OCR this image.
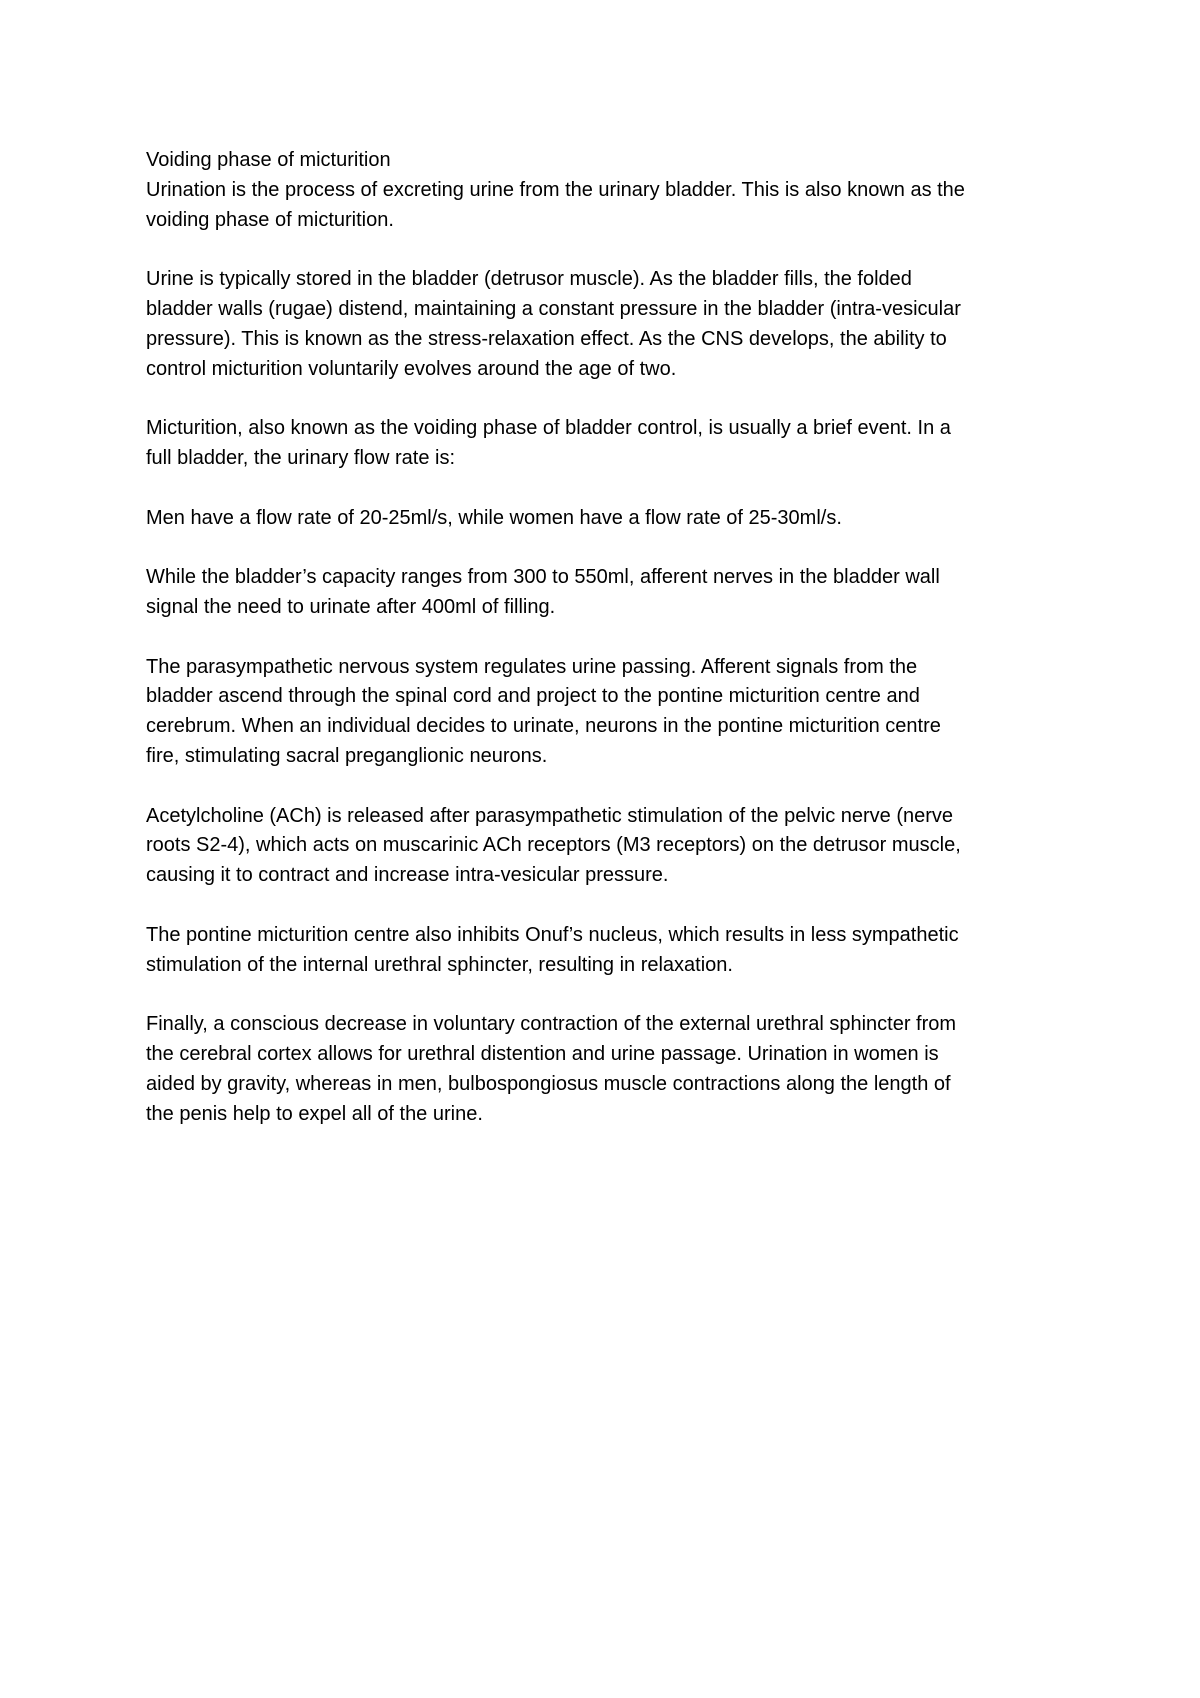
Voiding phase of micturition
Urination is the process of excreting urine from the urinary bladder. This is also known as the
voiding phase of micturition.
Urine is typically stored in the bladder (detrusor muscle). As the bladder fills, the folded
bladder walls (rugae) distend, maintaining a constant pressure in the bladder (intra-vesicular
pressure). This is known as the stress-relaxation effect. As the CNS develops, the ability to
control micturition voluntarily evolves around the age of two.
Micturition, also known as the voiding phase of bladder control, is usually a brief event. In a
full bladder, the urinary flow rate is:
Men have a flow rate of 20-25ml/s, while women have a flow rate of 25-30ml/s.
While the bladder’s capacity ranges from 300 to 550ml, afferent nerves in the bladder wall
signal the need to urinate after 400ml of filling.
The parasympathetic nervous system regulates urine passing. Afferent signals from the
bladder ascend through the spinal cord and project to the pontine micturition centre and
cerebrum. When an individual decides to urinate, neurons in the pontine micturition centre
fire, stimulating sacral preganglionic neurons.
Acetylcholine (ACh) is released after parasympathetic stimulation of the pelvic nerve (nerve
roots S2-4), which acts on muscarinic ACh receptors (M3 receptors) on the detrusor muscle,
causing it to contract and increase intra-vesicular pressure.
The pontine micturition centre also inhibits Onuf’s nucleus, which results in less sympathetic
stimulation of the internal urethral sphincter, resulting in relaxation.
Finally, a conscious decrease in voluntary contraction of the external urethral sphincter from
the cerebral cortex allows for urethral distention and urine passage. Urination in women is
aided by gravity, whereas in men, bulbospongiosus muscle contractions along the length of
the penis help to expel all of the urine.
